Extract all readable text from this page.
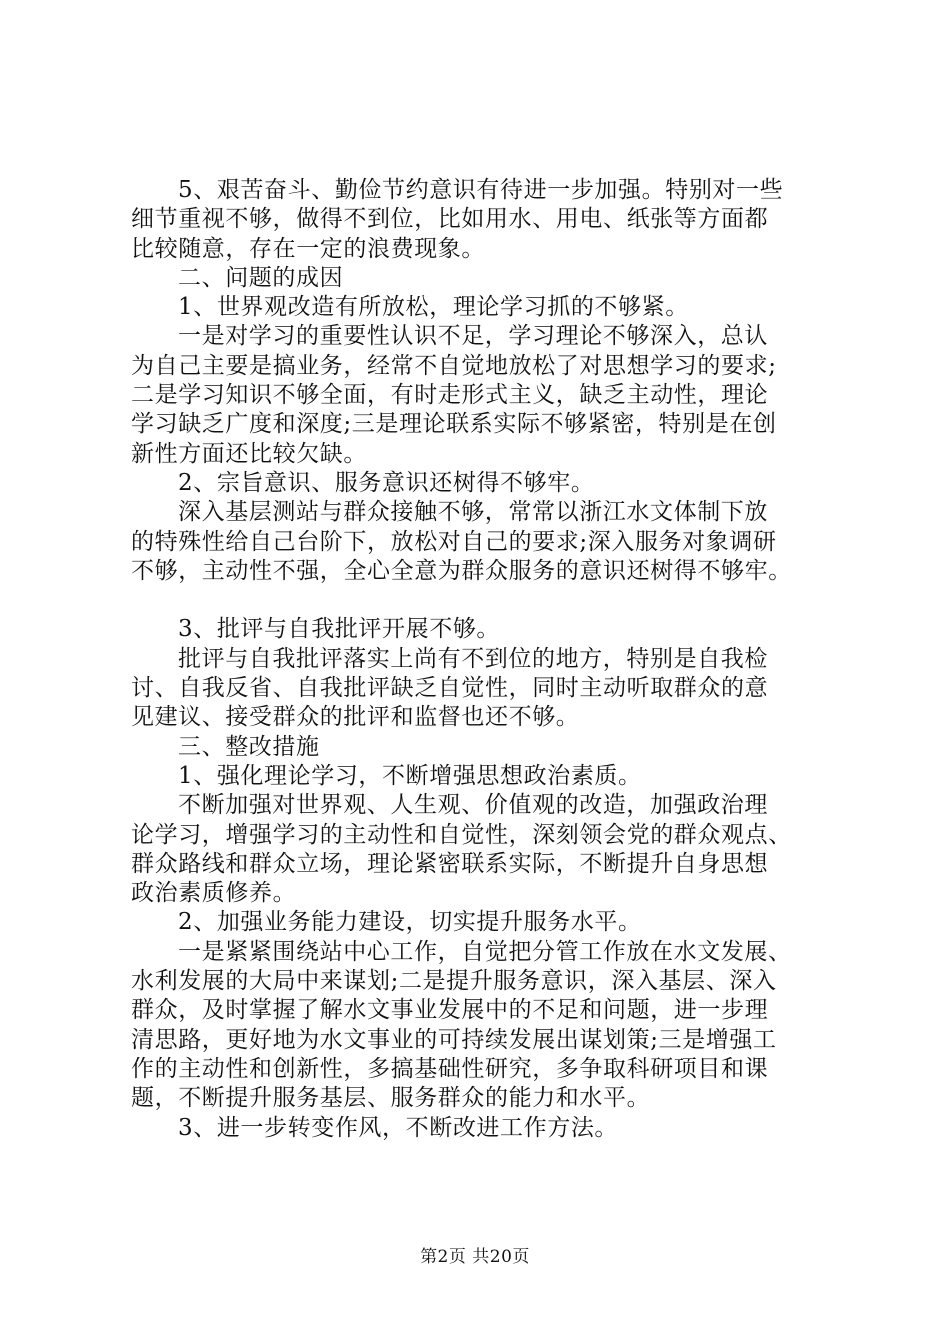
5、艰苦奋斗、勤俭节约意识有待进一步加强。特别对一些
细节重视不够，做得不到位，比如用水、用电、纸张等方面都
比较随意，存在一定的浪费现象。
二、问题的成因
1、世界观改造有所放松，理论学习抓的不够紧。
一是对学习的重要性认识不足，学习理论不够深入，总认
为自己主要是搞业务，经常不自觉地放松了对思想学习的要求;
二是学习知识不够全面，有时走形式主义，缺乏主动性，理论
学习缺乏广度和深度;三是理论联系实际不够紧密，特别是在创
新性方面还比较欠缺。
2、宗旨意识、服务意识还树得不够牢。
深入基层测站与群众接触不够，常常以浙江水文体制下放
的特殊性给自己台阶下，放松对自己的要求;深入服务对象调研
不够，主动性不强，全心全意为群众服务的意识还树得不够牢。
3、批评与自我批评开展不够。
批评与自我批评落实上尚有不到位的地方，特别是自我检
讨、自我反省、自我批评缺乏自觉性，同时主动听取群众的意
见建议、接受群众的批评和监督也还不够。
三、整改措施
1、强化理论学习，不断增强思想政治素质。
不断加强对世界观、人生观、价值观的改造，加强政治理
论学习，增强学习的主动性和自觉性，深刻领会党的群众观点、
群众路线和群众立场，理论紧密联系实际，不断提升自身思想
政治素质修养。
2、加强业务能力建设，切实提升服务水平。
一是紧紧围绕站中心工作，自觉把分管工作放在水文发展、
水利发展的大局中来谋划;二是提升服务意识，深入基层、深入
群众，及时掌握了解水文事业发展中的不足和问题，进一步理
清思路，更好地为水文事业的可持续发展出谋划策;三是增强工
作的主动性和创新性，多搞基础性研究，多争取科研项目和课
题，不断提升服务基层、服务群众的能力和水平。
3、进一步转变作风，不断改进工作方法。
第2页 共20页
